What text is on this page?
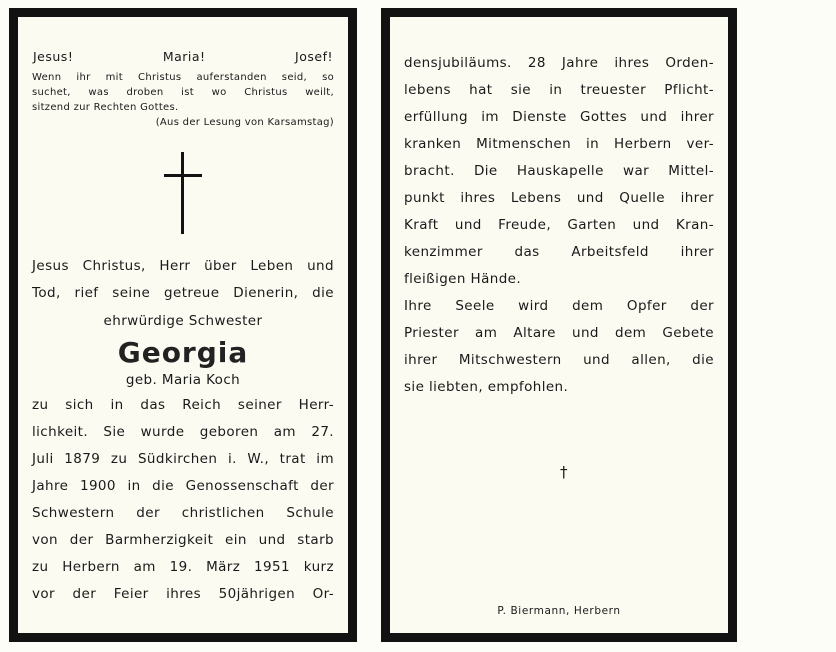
Jesus!	Maria!	Josef!
Wenn ihr mit Christus auferstanden seid, so
suchet, was droben ist wo Christus weilt,
sitzend zur Rechten Gottes.
(Aus der Lesung von Karsamstag)
Jesus Christus, Herr über Leben und
Tod, rief seine getreue Dienerin, die
ehrwürdige Schwester
Georgia
geb. Maria Koch
zu sich in das Reich seiner Herr-
lichkeit. Sie wurde geboren am 27.
Juli 1879 zu Südkirchen i. W., trat im
Jahre 1900 in die Genossenschaft der
Schwestern der christlichen Schule
von der Barmherzigkeit ein und starb
zu Herbern am 19. März 1951 kurz
vor der Feier ihres 50jährigen Or-

densjubiläums. 28 Jahre ihres Orden-
lebens hat sie in treuester Pflicht-
erfüllung im Dienste Gottes und ihrer
kranken Mitmenschen in Herbern ver-
bracht. Die Hauskapelle war Mittel-
punkt ihres Lebens und Quelle ihrer
Kraft und Freude, Garten und Kran-
kenzimmer das Arbeitsfeld ihrer
fleißigen Hände.

Ihre Seele wird dem Opfer der
Priester am Altare und dem Gebete
ihrer Mitschwestern und allen, die
sie liebten, empfohlen.

†
P. Biermann, Herbern
